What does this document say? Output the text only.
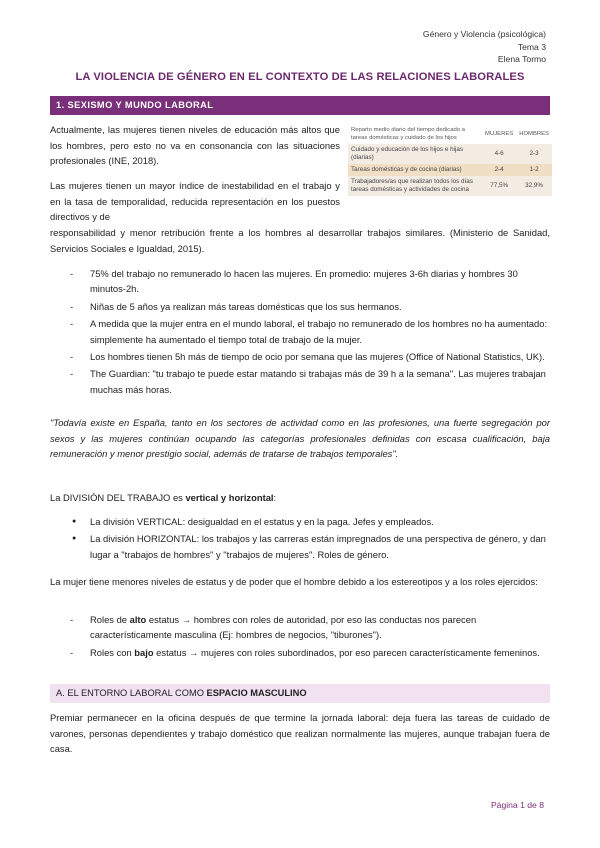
Género y Violencia (psicológica)
Tema 3
Elena Tormo
LA VIOLENCIA DE GÉNERO EN EL CONTEXTO DE LAS RELACIONES LABORALES
1. SEXISMO Y MUNDO LABORAL
Actualmente, las mujeres tienen niveles de educación más altos que los hombres, pero esto no va en consonancia con las situaciones profesionales (INE, 2018).
Reparto medio diario del tiempo dedicado a tareas domésticas y cuidado de los hijos	MUJERES	HOMBRES
Cuidado y educación de los hijos e hijas (diarias)	4-6	2-3
Tareas domésticas y de cocina (diarias)	2-4	1-2
Trabajadores/as que realizan todos los días tareas domésticas y actividades de cocina	77,5%	32,9%
Las mujeres tienen un mayor índice de inestabilidad en el trabajo y en la tasa de temporalidad, reducida representación en los puestos directivos y de
responsabilidad y menor retribución frente a los hombres al desarrollar trabajos similares. (Ministerio de Sanidad, Servicios Sociales e Igualdad, 2015).
- 75% del trabajo no remunerado lo hacen las mujeres. En promedio: mujeres 3-6h diarias y hombres 30 minutos-2h.
- Niñas de 5 años ya realizan más tareas domésticas que los sus hermanos.
- A medida que la mujer entra en el mundo laboral, el trabajo no remunerado de los hombres no ha aumentado: simplemente ha aumentado el tiempo total de trabajo de la mujer.
- Los hombres tienen 5h más de tiempo de ocio por semana que las mujeres (Office of National Statistics, UK).
- The Guardian: "tu trabajo te puede estar matando si trabajas más de 39 h a la semana". Las mujeres trabajan muchas más horas.
"Todavía existe en España, tanto en los sectores de actividad como en las profesiones, una fuerte segregación por sexos y las mujeres continúan ocupando las categorías profesionales definidas con escasa cualificación, baja remuneración y menor prestigio social, además de tratarse de trabajos temporales".
La DIVISIÓN DEL TRABAJO es vertical y horizontal:
● La división VERTICAL: desigualdad en el estatus y en la paga. Jefes y empleados.
● La división HORIZONTAL: los trabajos y las carreras están impregnados de una perspectiva de género, y dan lugar a "trabajos de hombres" y "trabajos de mujeres". Roles de género.
La mujer tiene menores niveles de estatus y de poder que el hombre debido a los estereotipos y a los roles ejercidos:
- Roles de alto estatus → hombres con roles de autoridad, por eso las conductas nos parecen característicamente masculina (Ej: hombres de negocios, "tiburones").
- Roles con bajo estatus → mujeres con roles subordinados, por eso parecen característicamente femeninos.
A. EL ENTORNO LABORAL COMO ESPACIO MASCULINO
Premiar permanecer en la oficina después de que termine la jornada laboral: deja fuera las tareas de cuidado de varones, personas dependientes y trabajo doméstico que realizan normalmente las mujeres, aunque trabajan fuera de casa.
Página 1 de 8
